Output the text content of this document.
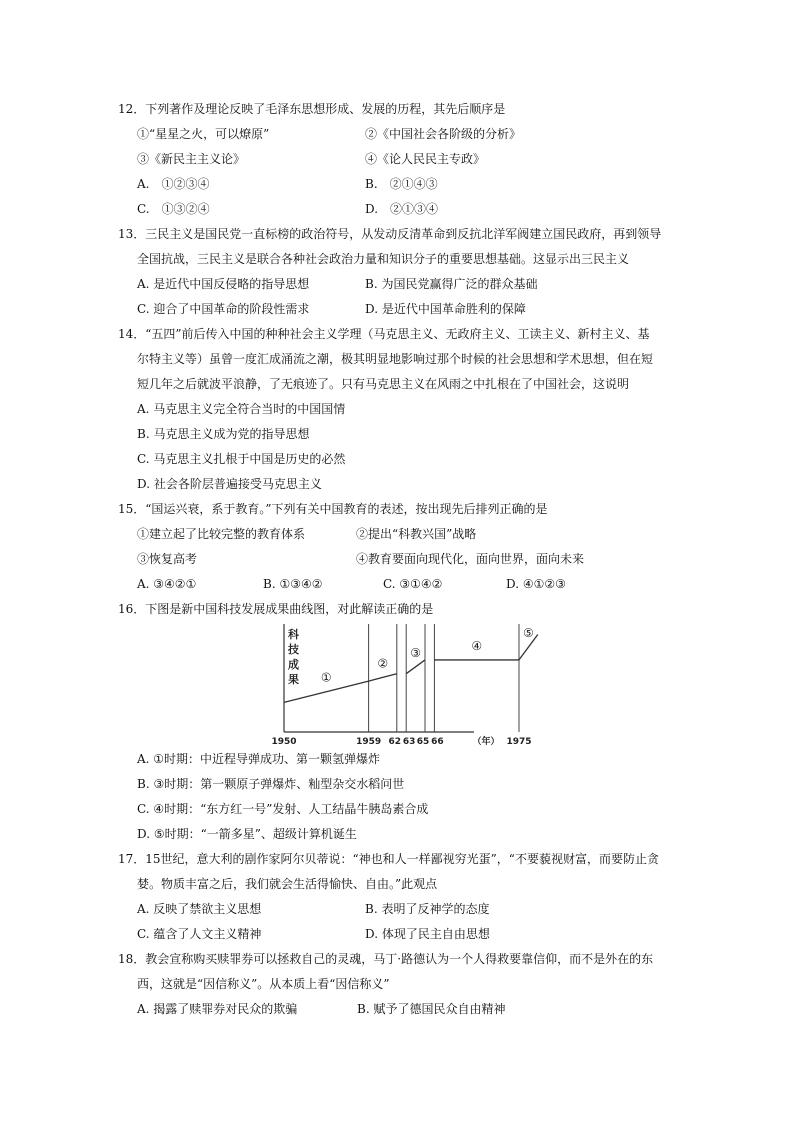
12．下列著作及理论反映了毛泽东思想形成、发展的历程，其先后顺序是
①“星星之火，可以燎原”	②《中国社会各阶级的分析》
③《新民主主义论》	④《论人民民主专政》
A.　①②③④	B.　②①④③
C.　①③②④	D.　②①③④
13．三民主义是国民党一直标榜的政治符号，从发动反清革命到反抗北洋军阀建立国民政府，再到领导
全国抗战，三民主义是联合各种社会政治力量和知识分子的重要思想基础。这显示出三民主义
A. 是近代中国反侵略的指导思想	B. 为国民党赢得广泛的群众基础
C. 迎合了中国革命的阶段性需求	D. 是近代中国革命胜利的保障
14．“五四”前后传入中国的种种社会主义学理（马克思主义、无政府主义、工读主义、新村主义、基
尔特主义等）虽曾一度汇成涌流之潮，极其明显地影响过那个时候的社会思想和学术思想，但在短
短几年之后就波平浪静，了无痕迹了。只有马克思主义在风雨之中扎根在了中国社会，这说明
A. 马克思主义完全符合当时的中国国情
B. 马克思主义成为党的指导思想
C. 马克思主义扎根于中国是历史的必然
D. 社会各阶层普遍接受马克思主义
15．“国运兴衰，系于教育。”下列有关中国教育的表述，按出现先后排列正确的是
①建立起了比较完整的教育体系	②提出“科教兴国”战略
③恢复高考	④教育要面向现代化，面向世界，面向未来
A. ③④②①	B. ①③④②	C. ③①④②	D. ④①②③
16．下图是新中国科技发展成果曲线图，对此解读正确的是
科
技
成
果 ①
②
③	④
⑤
1950	1959 62 63 65 66	1975
（年）
A. ①时期：中近程导弹成功、第一颗氢弹爆炸
B. ③时期：第一颗原子弹爆炸、籼型杂交水稻问世
C. ④时期：“东方红一号”发射、人工结晶牛胰岛素合成
D. ⑤时期：“一箭多星”、超级计算机诞生
17．15世纪，意大利的剧作家阿尔贝蒂说：“神也和人一样鄙视穷光蛋”，“不要藐视财富，而要防止贪
婪。物质丰富之后，我们就会生活得愉快、自由。”此观点
A. 反映了禁欲主义思想	B. 表明了反神学的态度
C. 蕴含了人文主义精神	D. 体现了民主自由思想
18．教会宣称购买赎罪券可以拯救自己的灵魂，马丁·路德认为一个人得救要靠信仰，而不是外在的东
西，这就是“因信称义”。从本质上看“因信称义”
A. 揭露了赎罪券对民众的欺骗	B. 赋予了德国民众自由精神
